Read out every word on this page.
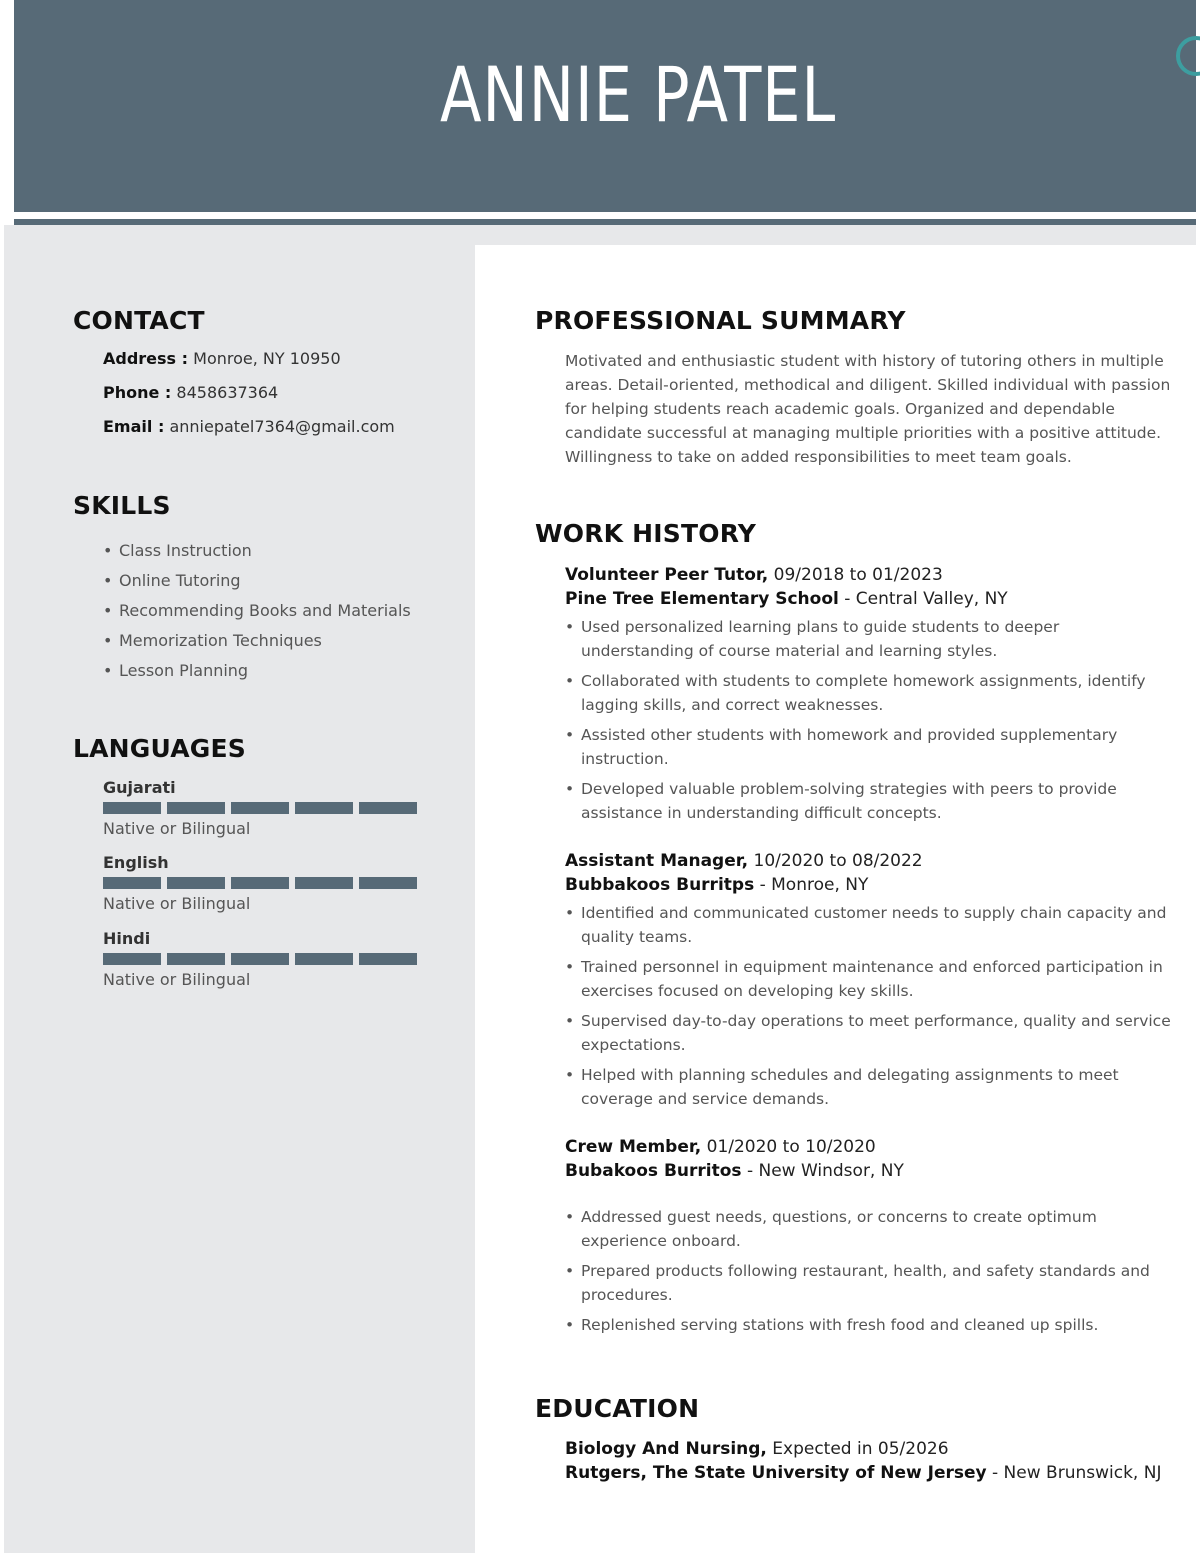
ANNIE PATEL
CONTACT
Address : Monroe, NY 10950
Phone : 8458637364
Email : anniepatel7364@gmail.com
SKILLS
• Class Instruction
• Online Tutoring
• Recommending Books and Materials
• Memorization Techniques
• Lesson Planning
LANGUAGES
Gujarati
Native or Bilingual
English
Native or Bilingual
Hindi
Native or Bilingual
PROFESSIONAL SUMMARY

Motivated and enthusiastic student with history of tutoring others in multiple areas. Detail-oriented, methodical and diligent. Skilled individual with passion for helping students reach academic goals. Organized and dependable candidate successful at managing multiple priorities with a positive attitude. Willingness to take on added responsibilities to meet team goals.

WORK HISTORY
Volunteer Peer Tutor, 09/2018 to 01/2023
Pine Tree Elementary School - Central Valley, NY
• Used personalized learning plans to guide students to deeper understanding of course material and learning styles.
• Collaborated with students to complete homework assignments, identify lagging skills, and correct weaknesses.
• Assisted other students with homework and provided supplementary instruction.
• Developed valuable problem-solving strategies with peers to provide assistance in understanding difficult concepts.
Assistant Manager, 10/2020 to 08/2022
Bubbakoos Burritps - Monroe, NY
• Identified and communicated customer needs to supply chain capacity and quality teams.
• Trained personnel in equipment maintenance and enforced participation in exercises focused on developing key skills.
• Supervised day-to-day operations to meet performance, quality and service expectations.
• Helped with planning schedules and delegating assignments to meet coverage and service demands.
Crew Member, 01/2020 to 10/2020
Bubakoos Burritos - New Windsor, NY
• Addressed guest needs, questions, or concerns to create optimum experience onboard.
• Prepared products following restaurant, health, and safety standards and procedures.
• Replenished serving stations with fresh food and cleaned up spills.
EDUCATION
Biology And Nursing, Expected in 05/2026
Rutgers, The State University of New Jersey - New Brunswick, NJ
